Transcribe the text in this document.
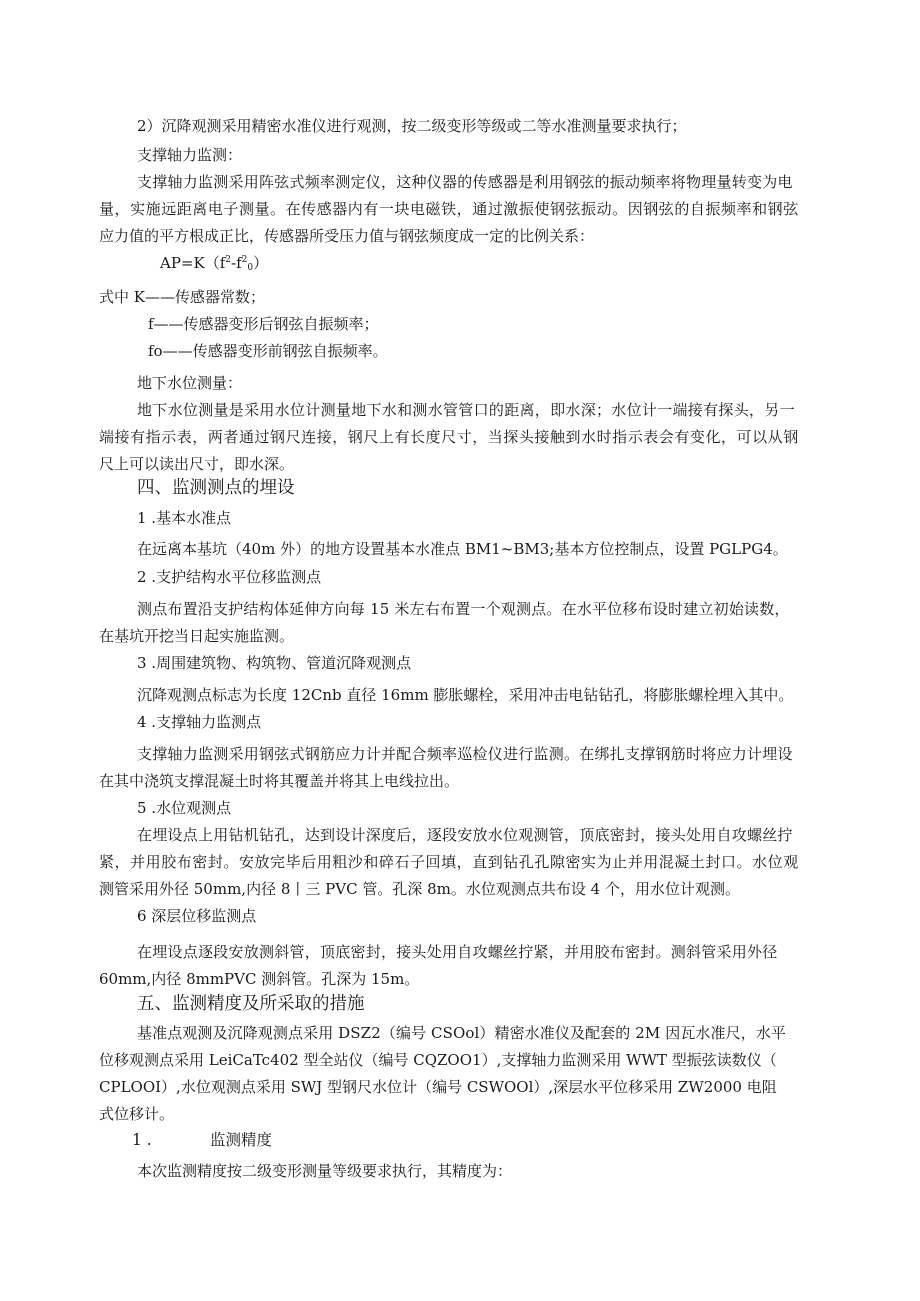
2）沉降观测采用精密水准仪进行观测，按二级变形等级或二等水准测量要求执行；
支撑轴力监测：
支撑轴力监测采用阵弦式频率测定仪，这种仪器的传感器是利用钢弦的振动频率将物理量转变为电
量，实施远距离电子测量。在传感器内有一块电磁铁，通过激振使钢弦振动。因钢弦的自振频率和钢弦
应力值的平方根成正比，传感器所受压力值与钢弦频度成一定的比例关系：
$AP=K(f^2-f^2_0)$
式中 K——传感器常数；
f——传感器变形后钢弦自振频率；
fo——传感器变形前钢弦自振频率。
地下水位测量：
地下水位测量是采用水位计测量地下水和测水管管口的距离，即水深；水位计一端接有探头，另一
端接有指示表，两者通过钢尺连接，钢尺上有长度尺寸，当探头接触到水时指示表会有变化，可以从钢
尺上可以读出尺寸，即水深。
四、监测测点的埋设
1 .基本水准点
在远离本基坑（40m 外）的地方设置基本水准点 BM1~BM3;基本方位控制点，设置 PGLPG4。
2 .支护结构水平位移监测点
测点布置沿支护结构体延伸方向每 15 米左右布置一个观测点。在水平位移布设时建立初始读数，
在基坑开挖当日起实施监测。
3 .周围建筑物、构筑物、管道沉降观测点
沉降观测点标志为长度 12Cnb 直径 16mm 膨胀螺栓，采用冲击电钻钻孔，将膨胀螺栓埋入其中。
4 .支撑轴力监测点
支撑轴力监测采用钢弦式钢筋应力计并配合频率巡检仪进行监测。在绑扎支撑钢筋时将应力计埋设
在其中浇筑支撑混凝土时将其覆盖并将其上电线拉出。
5 .水位观测点
在埋设点上用钻机钻孔，达到设计深度后，逐段安放水位观测管，顶底密封，接头处用自攻螺丝拧
紧，并用胶布密封。安放完毕后用粗沙和碎石子回填，直到钻孔孔隙密实为止并用混凝土封口。水位观
测管采用外径 50mm,内径 8丨三 PVC 管。孔深 8m。水位观测点共布设 4 个，用水位计观测。
6 深层位移监测点
在埋设点逐段安放测斜管，顶底密封，接头处用自攻螺丝拧紧，并用胶布密封。测斜管采用外径
60mm,内径 8mmPVC 测斜管。孔深为 15m。
五、监测精度及所采取的措施
基准点观测及沉降观测点采用 DSZ2（编号 CSOol）精密水准仪及配套的 2M 因瓦水准尺，水平
位移观测点采用 LeiCaTc402 型全站仪（编号 CQZOO1）,支撑轴力监测采用 WWT 型振弦读数仪（
CPLOOI）,水位观测点采用 SWJ 型钢尺水位计（编号 CSWOOl）,深层水平位移采用 ZW2000 电阻
式位移计。
1 .	监测精度
本次监测精度按二级变形测量等级要求执行，其精度为：
